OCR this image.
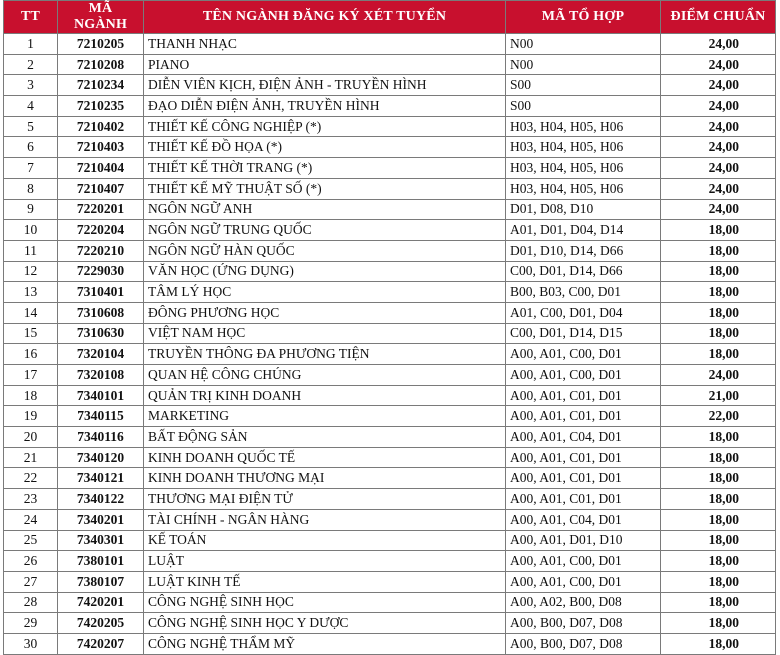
TT	MÃ NGÀNH	TÊN NGÀNH ĐĂNG KÝ XÉT TUYỂN	MÃ TỔ HỢP	ĐIỂM CHUẨN
1	7210205	THANH NHẠC	N00	24,00
2	7210208	PIANO	N00	24,00
3	7210234	DIỄN VIÊN KỊCH, ĐIỆN ẢNH - TRUYỀN HÌNH	S00	24,00
4	7210235	ĐẠO DIỄN ĐIỆN ẢNH, TRUYỀN HÌNH	S00	24,00
5	7210402	THIẾT KẾ CÔNG NGHIỆP (*)	H03, H04, H05, H06	24,00
6	7210403	THIẾT KẾ ĐỒ HỌA (*)	H03, H04, H05, H06	24,00
7	7210404	THIẾT KẾ THỜI TRANG (*)	H03, H04, H05, H06	24,00
8	7210407	THIẾT KẾ MỸ THUẬT SỐ (*)	H03, H04, H05, H06	24,00
9	7220201	NGÔN NGỮ ANH	D01, D08, D10	24,00
10	7220204	NGÔN NGỮ TRUNG QUỐC	A01, D01, D04, D14	18,00
11	7220210	NGÔN NGỮ HÀN QUỐC	D01, D10, D14, D66	18,00
12	7229030	VĂN HỌC (ỨNG DỤNG)	C00, D01, D14, D66	18,00
13	7310401	TÂM LÝ HỌC	B00, B03, C00, D01	18,00
14	7310608	ĐÔNG PHƯƠNG HỌC	A01, C00, D01, D04	18,00
15	7310630	VIỆT NAM HỌC	C00, D01, D14, D15	18,00
16	7320104	TRUYỀN THÔNG ĐA PHƯƠNG TIỆN	A00, A01, C00, D01	18,00
17	7320108	QUAN HỆ CÔNG CHÚNG	A00, A01, C00, D01	24,00
18	7340101	QUẢN TRỊ KINH DOANH	A00, A01, C01, D01	21,00
19	7340115	MARKETING	A00, A01, C01, D01	22,00
20	7340116	BẤT ĐỘNG SẢN	A00, A01, C04, D01	18,00
21	7340120	KINH DOANH QUỐC TẾ	A00, A01, C01, D01	18,00
22	7340121	KINH DOANH THƯƠNG MẠI	A00, A01, C01, D01	18,00
23	7340122	THƯƠNG MẠI ĐIỆN TỬ	A00, A01, C01, D01	18,00
24	7340201	TÀI CHÍNH - NGÂN HÀNG	A00, A01, C04, D01	18,00
25	7340301	KẾ TOÁN	A00, A01, D01, D10	18,00
26	7380101	LUẬT	A00, A01, C00, D01	18,00
27	7380107	LUẬT KINH TẾ	A00, A01, C00, D01	18,00
28	7420201	CÔNG NGHỆ SINH HỌC	A00, A02, B00, D08	18,00
29	7420205	CÔNG NGHỆ SINH HỌC Y DƯỢC	A00, B00, D07, D08	18,00
30	7420207	CÔNG NGHỆ THẨM MỸ	A00, B00, D07, D08	18,00
